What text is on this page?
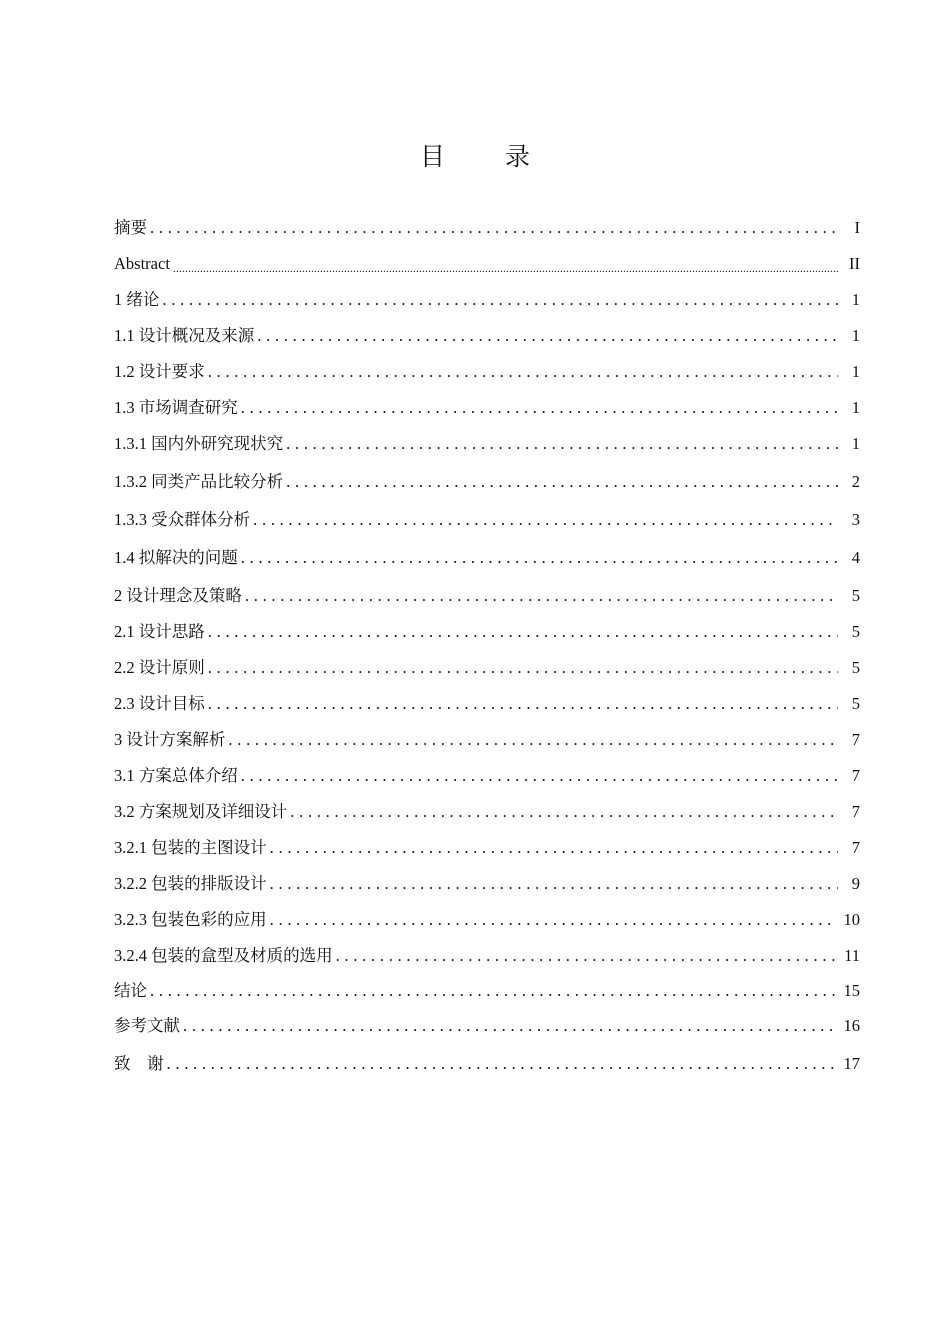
目 录
摘要 . . .	I
Abstract .....	II
1 绪论 . . .	1
1.1 设计概况及来源 . . .	1
1.2 设计要求 . . .	1
1.3 市场调查研究 . . .	1
1.3.1 国内外研究现状究 . . .	1
1.3.2 同类产品比较分析 . . .	2
1.3.3 受众群体分析 . . .	3
1.4 拟解决的问题 . . .	4
2 设计理念及策略 . . .	5
2.1 设计思路 . . .	5
2.2 设计原则 . . .	5
2.3 设计目标 . . .	5
3 设计方案解析 . . .	7
3.1 方案总体介绍 . . .	7
3.2 方案规划及详细设计 . . .	7
3.2.1 包装的主图设计 . . .	7
3.2.2 包装的排版设计 . . .	9
3.2.3 包装色彩的应用 . . .	10
3.2.4 包装的盒型及材质的选用 . . .	11
结论 . . .	15
参考文献 . . .	16
致    谢 . . .	17
